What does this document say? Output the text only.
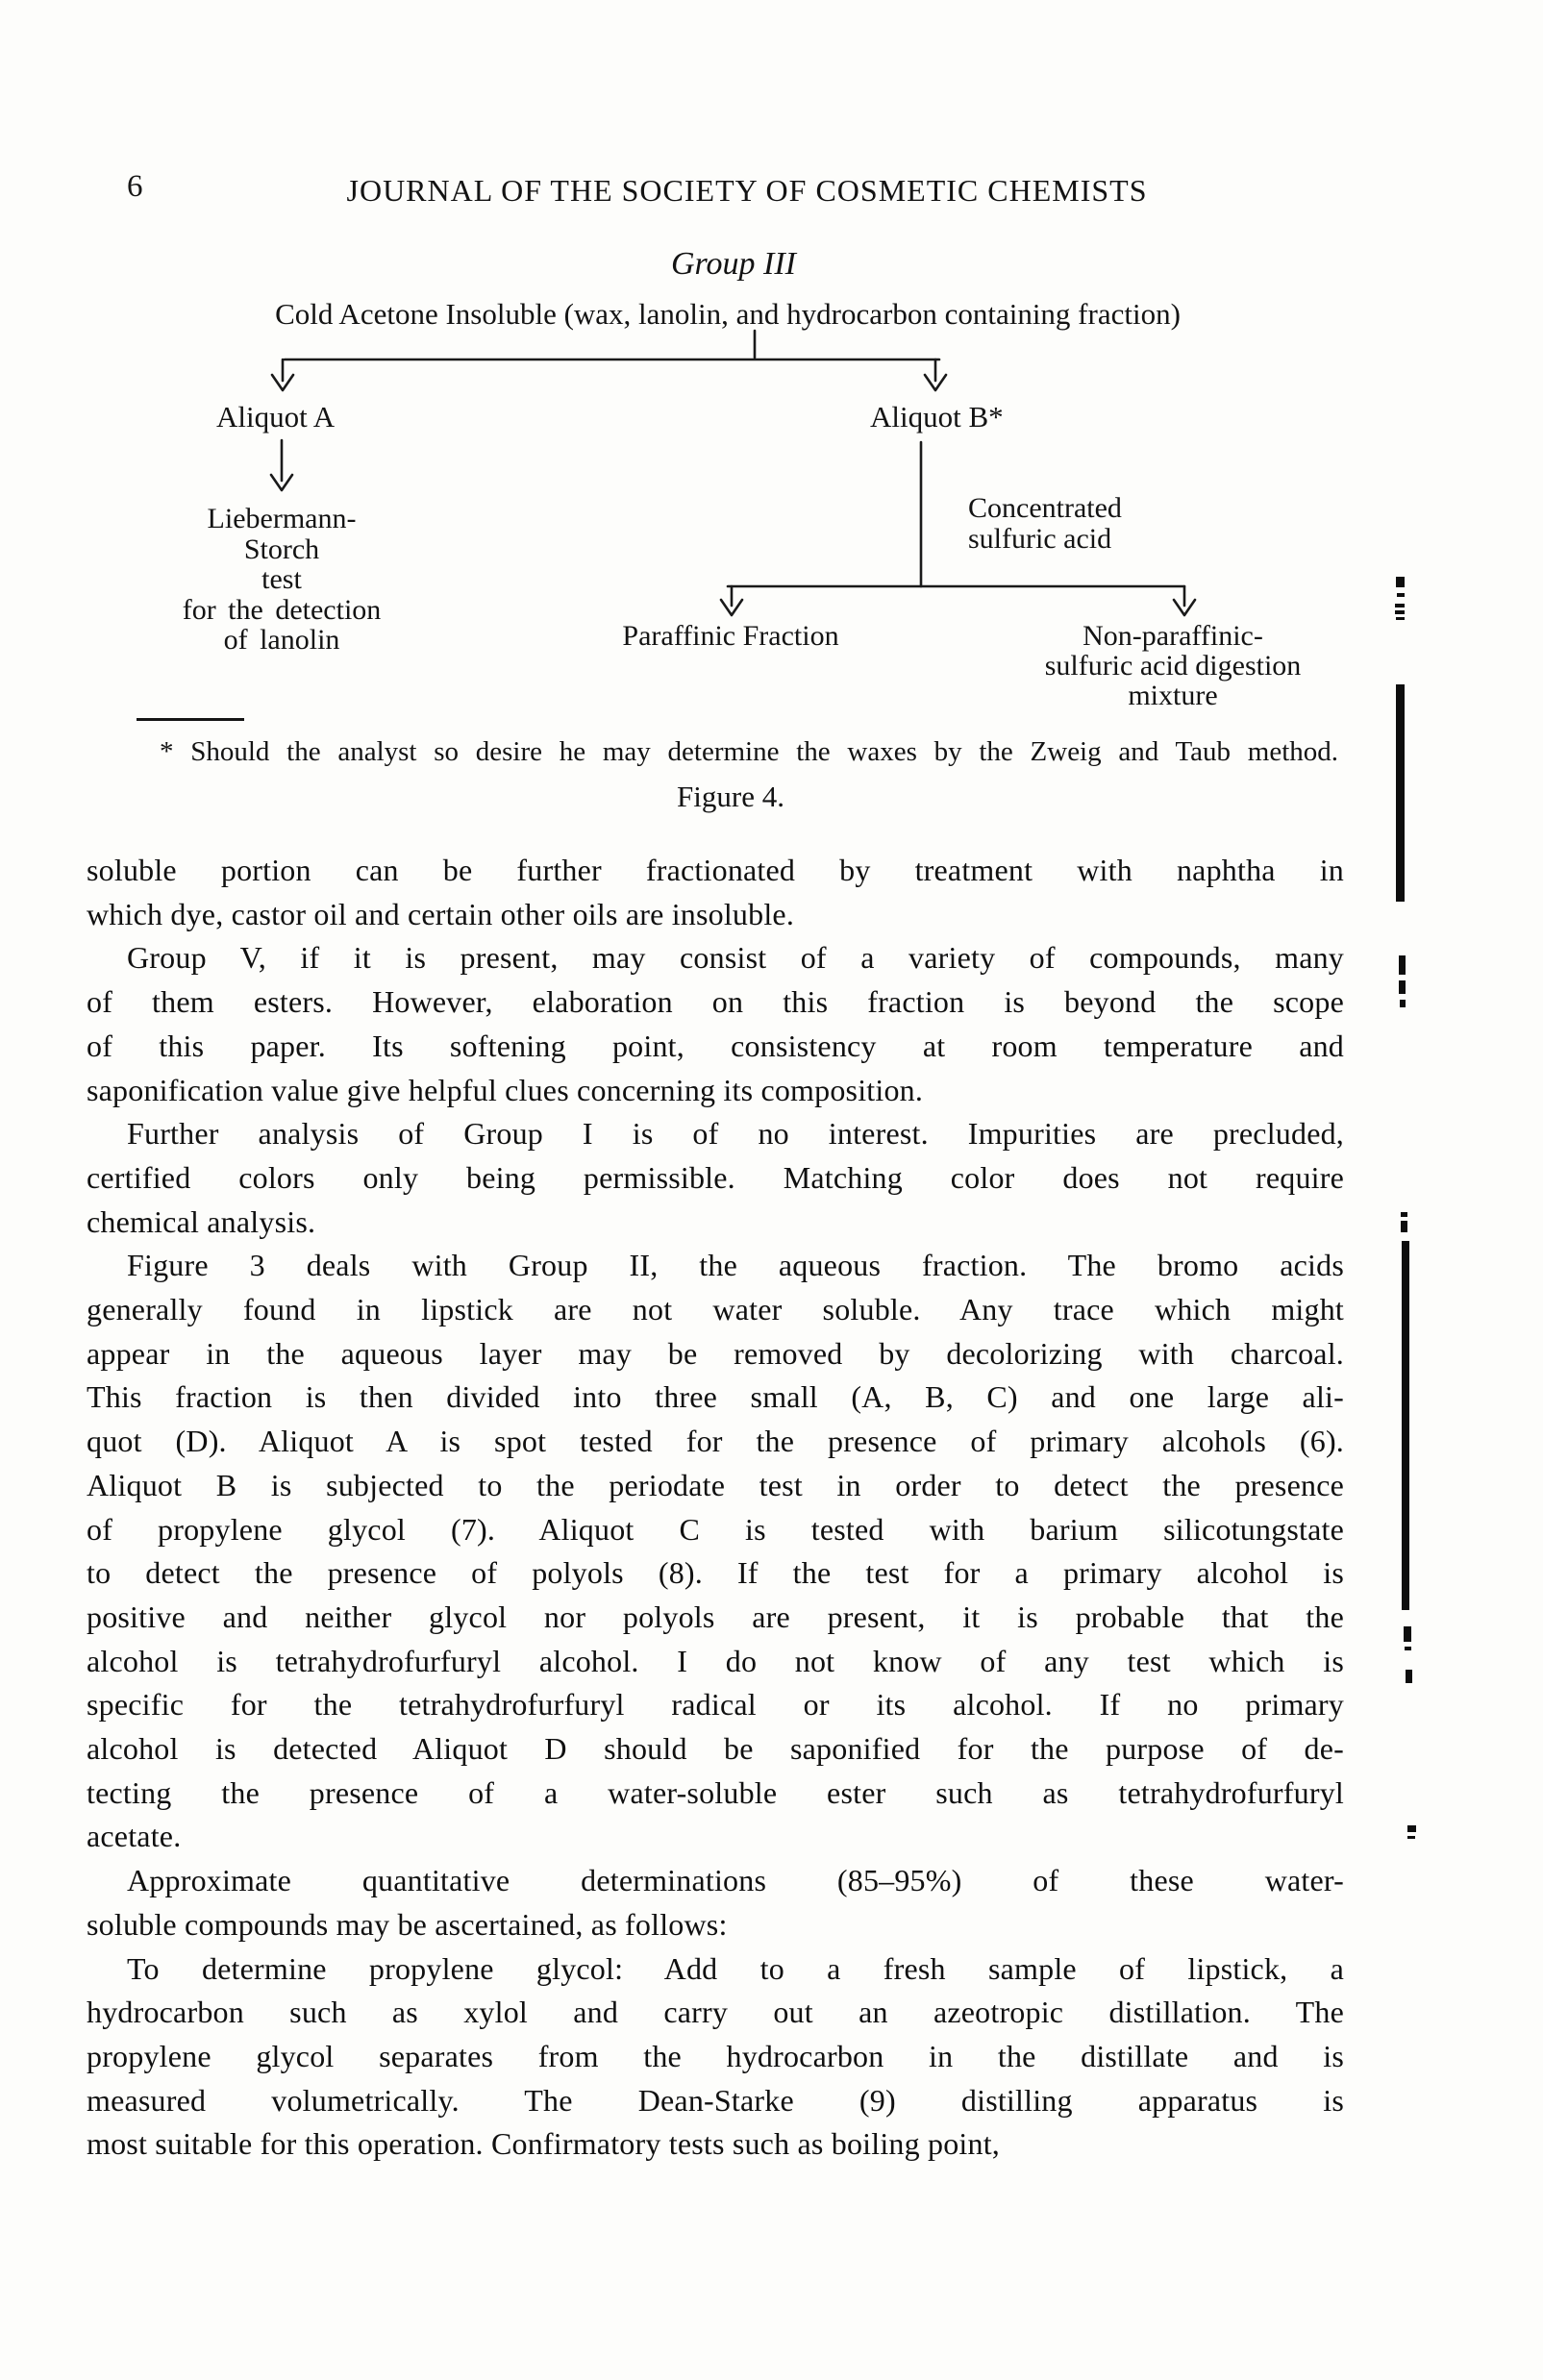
6	JOURNAL OF THE SOCIETY OF COSMETIC CHEMISTS
Group III
Cold Acetone Insoluble (wax, lanolin, and hydrocarbon containing fraction)
Aliquot A	Aliquot B*
Liebermann-
Storch
test
for the detection
of lanolin
Concentrated
sulfuric acid
Paraffinic Fraction	Non-paraffinic-
sulfuric acid digestion
mixture
* Should the analyst so desire he may determine the waxes by the Zweig and Taub method.
Figure 4.
soluble portion can be further fractionated by treatment with naphtha in
which dye, castor oil and certain other oils are insoluble.
Group V, if it is present, may consist of a variety of compounds, many
of them esters. However, elaboration on this fraction is beyond the scope
of this paper. Its softening point, consistency at room temperature and
saponification value give helpful clues concerning its composition.
Further analysis of Group I is of no interest. Impurities are precluded,
certified colors only being permissible. Matching color does not require
chemical analysis.
Figure 3 deals with Group II, the aqueous fraction. The bromo acids
generally found in lipstick are not water soluble. Any trace which might
appear in the aqueous layer may be removed by decolorizing with charcoal.
This fraction is then divided into three small (A, B, C) and one large ali-
quot (D). Aliquot A is spot tested for the presence of primary alcohols (6).
Aliquot B is subjected to the periodate test in order to detect the presence
of propylene glycol (7). Aliquot C is tested with barium silicotungstate
to detect the presence of polyols (8). If the test for a primary alcohol is
positive and neither glycol nor polyols are present, it is probable that the
alcohol is tetrahydrofurfuryl alcohol. I do not know of any test which is
specific for the tetrahydrofurfuryl radical or its alcohol. If no primary
alcohol is detected Aliquot D should be saponified for the purpose of de-
tecting the presence of a water-soluble ester such as tetrahydrofurfuryl
acetate.
Approximate quantitative determinations (85–95%) of these water-
soluble compounds may be ascertained, as follows:
To determine propylene glycol: Add to a fresh sample of lipstick, a
hydrocarbon such as xylol and carry out an azeotropic distillation. The
propylene glycol separates from the hydrocarbon in the distillate and is
measured volumetrically. The Dean-Starke (9) distilling apparatus is
most suitable for this operation. Confirmatory tests such as boiling point,
